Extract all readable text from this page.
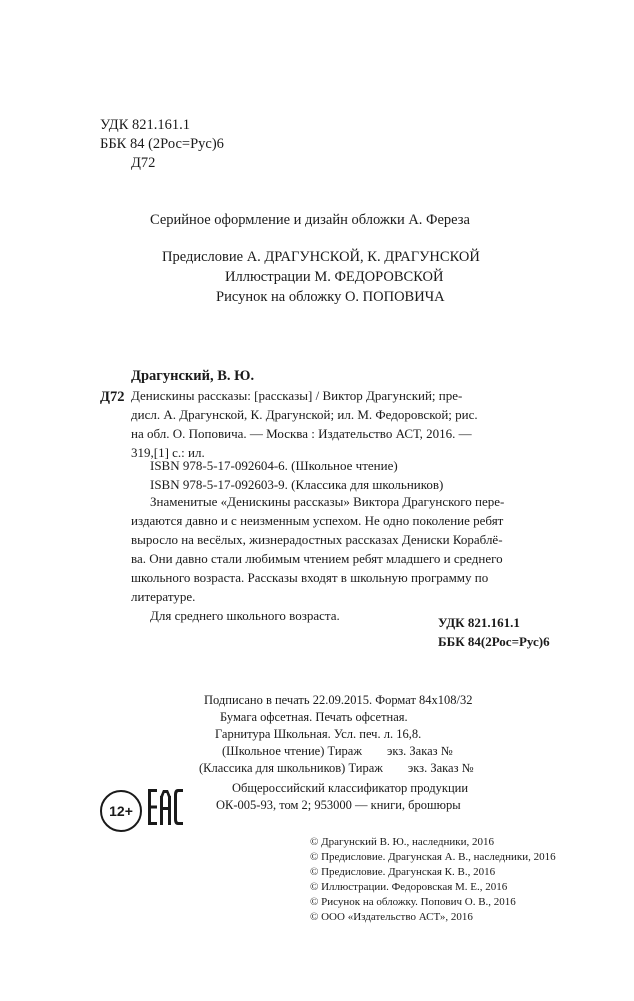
УДК 821.161.1
ББК 84 (2Рос=Рус)6
Д72
Серийное оформление и дизайн обложки А. Фереза
Предисловие А. ДРАГУНСКОЙ, К. ДРАГУНСКОЙ
Иллюстрации М. ФЕДОРОВСКОЙ
Рисунок на обложку О. ПОПОВИЧА
Драгунский, В. Ю.
Д72 Денискины рассказы: [рассказы] / Виктор Драгунский; пре-
дисл. А. Драгунской, К. Драгунской; ил. М. Федоровской; рис.
на обл. О. Поповича. — Москва : Издательство АСТ, 2016. —
319,[1] с.: ил.
ISBN 978-5-17-092604-6. (Школьное чтение)
ISBN 978-5-17-092603-9. (Классика для школьников)
Знаменитые «Денискины рассказы» Виктора Драгунского пере-
издаются давно и с неизменным успехом. Не одно поколение ребят
выросло на весёлых, жизнерадостных рассказах Дениски Кораблё-
ва. Они давно стали любимым чтением ребят младшего и среднего
школьного возраста. Рассказы входят в школьную программу по
литературе.
Для среднего школьного возраста.	УДК 821.161.1
ББК 84(2Рос=Рус)6
Подписано в печать 22.09.2015. Формат 84x108/32
Бумага офсетная. Печать офсетная.
Гарнитура Школьная. Усл. печ. л. 16,8.
(Школьное чтение) Тираж        экз. Заказ №
(Классика для школьников) Тираж        экз. Заказ №
Общероссийский классификатор продукции
ОК-005-93, том 2; 953000 — книги, брошюры
12+
© Драгунский В. Ю., наследники, 2016
© Предисловие. Драгунская А. В., наследники, 2016
© Предисловие. Драгунская К. В., 2016
© Иллюстрации. Федоровская М. Е., 2016
© Рисунок на обложку. Попович О. В., 2016
© ООО «Издательство АСТ», 2016
